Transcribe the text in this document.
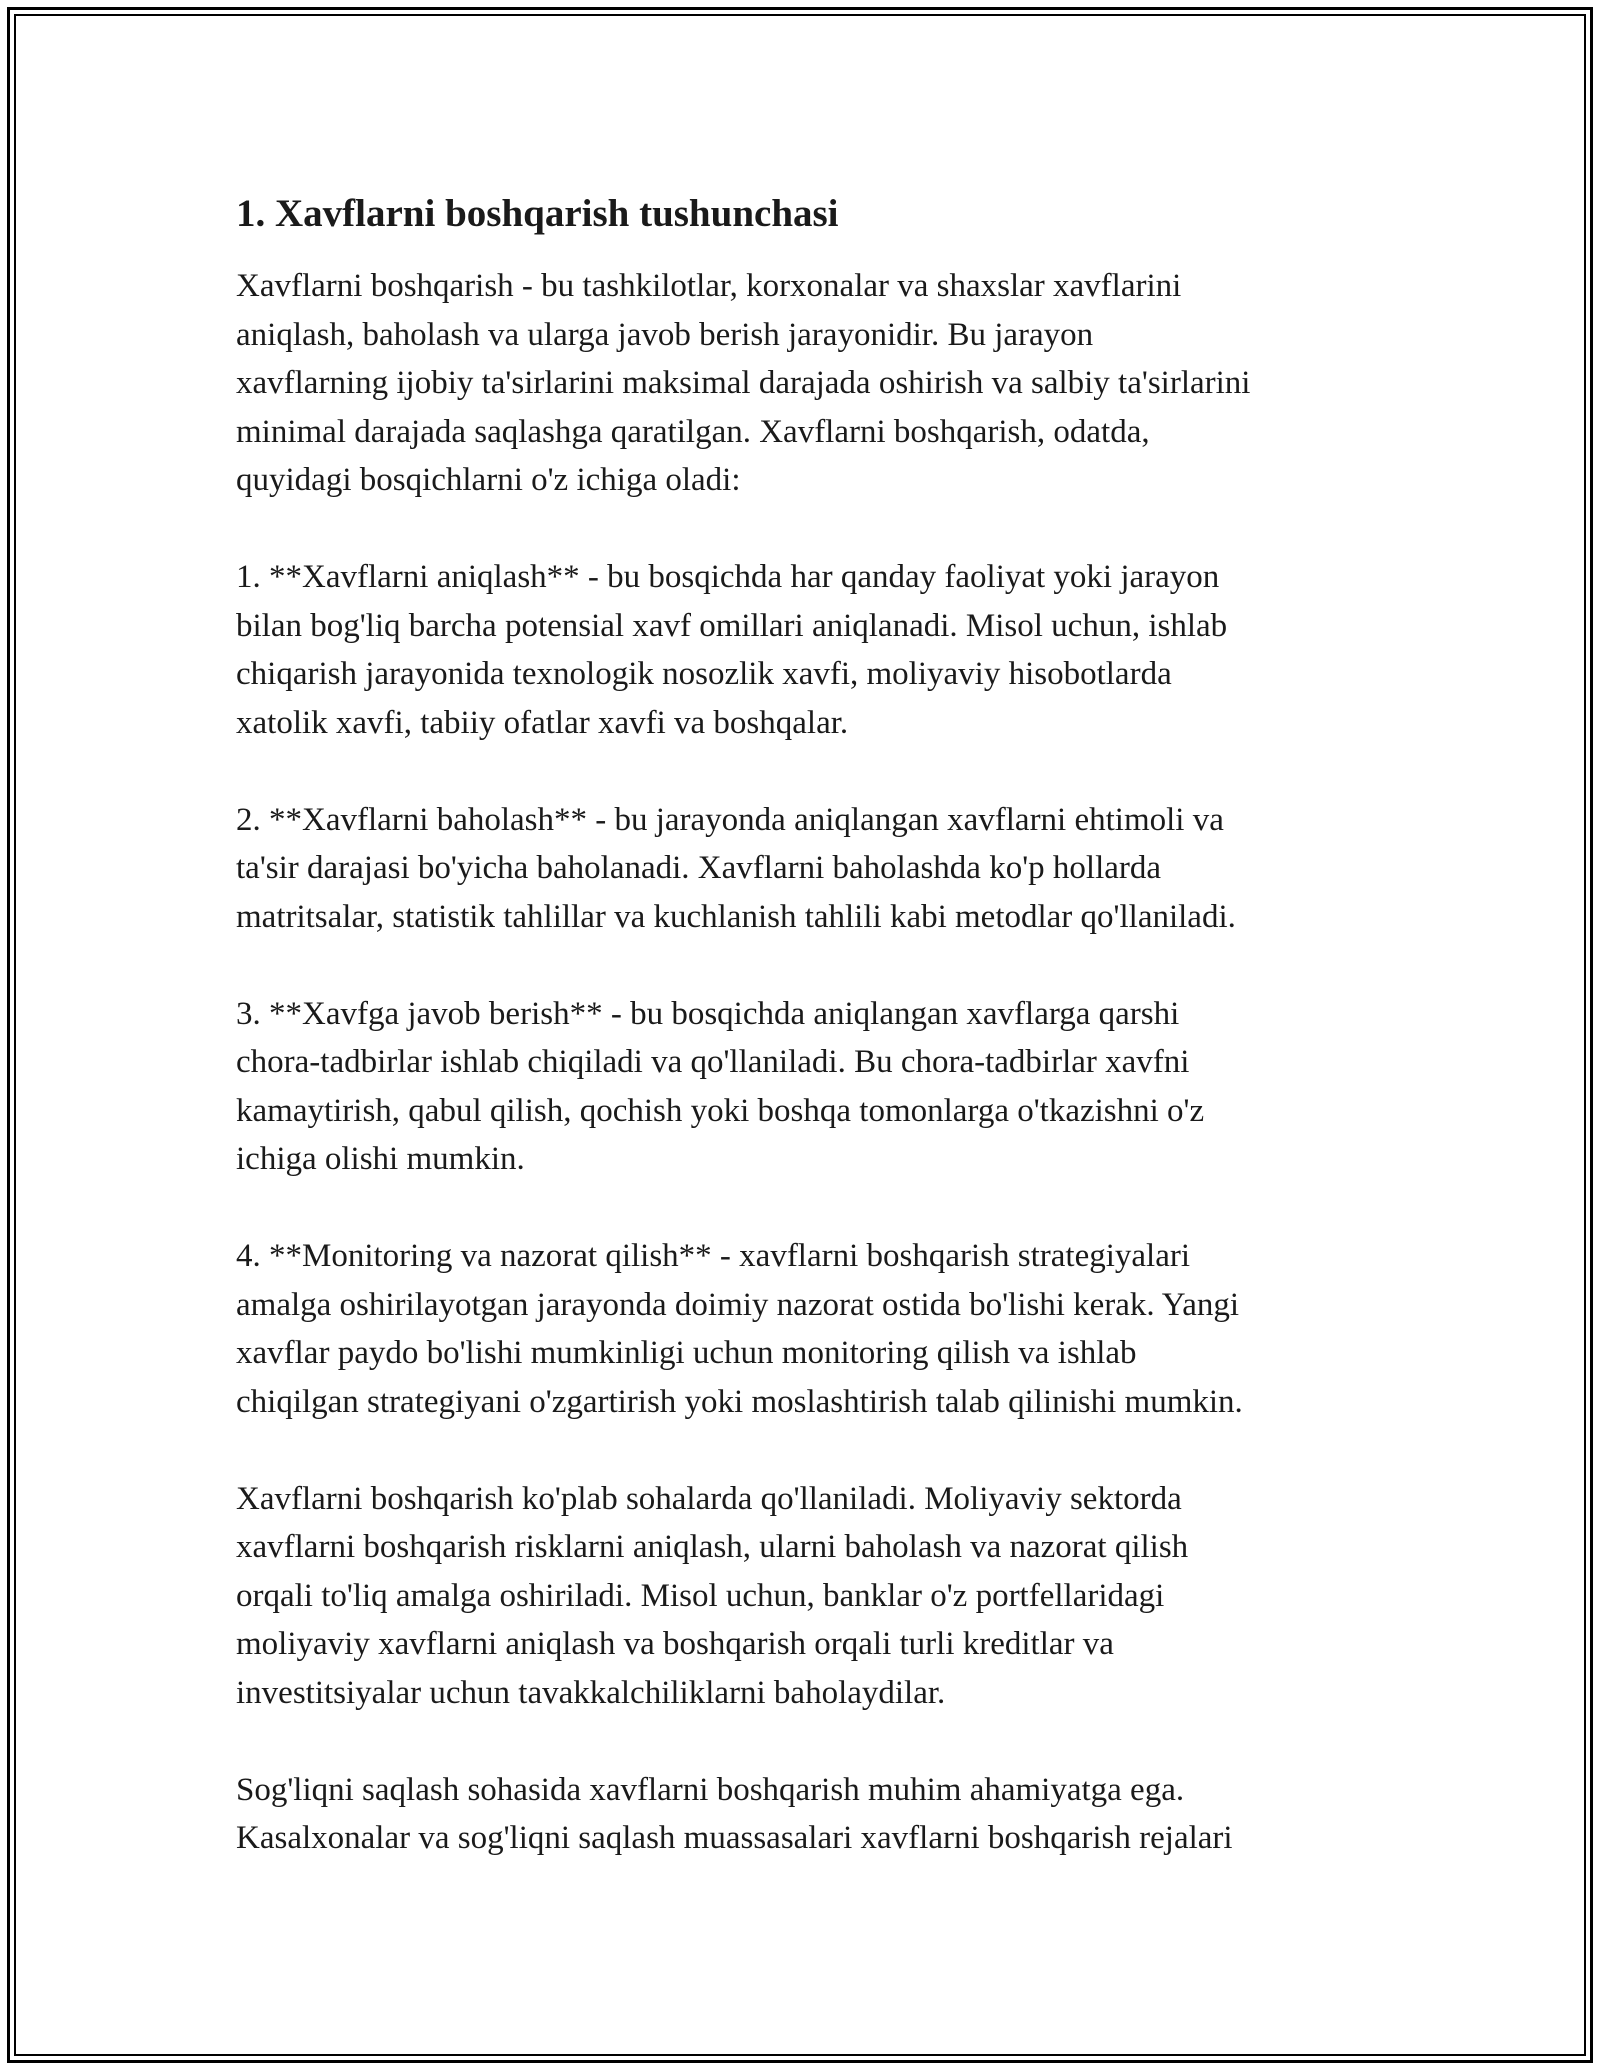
1. Xavflarni boshqarish tushunchasi
Xavflarni boshqarish - bu tashkilotlar, korxonalar va shaxslar xavflarini
aniqlash, baholash va ularga javob berish jarayonidir. Bu jarayon
xavflarning ijobiy ta'sirlarini maksimal darajada oshirish va salbiy ta'sirlarini
minimal darajada saqlashga qaratilgan. Xavflarni boshqarish, odatda,
quyidagi bosqichlarni o'z ichiga oladi:
1. **Xavflarni aniqlash** - bu bosqichda har qanday faoliyat yoki jarayon
bilan bog'liq barcha potensial xavf omillari aniqlanadi. Misol uchun, ishlab
chiqarish jarayonida texnologik nosozlik xavfi, moliyaviy hisobotlarda
xatolik xavfi, tabiiy ofatlar xavfi va boshqalar.
2. **Xavflarni baholash** - bu jarayonda aniqlangan xavflarni ehtimoli va
ta'sir darajasi bo'yicha baholanadi. Xavflarni baholashda ko'p hollarda
matritsalar, statistik tahlillar va kuchlanish tahlili kabi metodlar qo'llaniladi.
3. **Xavfga javob berish** - bu bosqichda aniqlangan xavflarga qarshi
chora-tadbirlar ishlab chiqiladi va qo'llaniladi. Bu chora-tadbirlar xavfni
kamaytirish, qabul qilish, qochish yoki boshqa tomonlarga o'tkazishni o'z
ichiga olishi mumkin.
4. **Monitoring va nazorat qilish** - xavflarni boshqarish strategiyalari
amalga oshirilayotgan jarayonda doimiy nazorat ostida bo'lishi kerak. Yangi
xavflar paydo bo'lishi mumkinligi uchun monitoring qilish va ishlab
chiqilgan strategiyani o'zgartirish yoki moslashtirish talab qilinishi mumkin.
Xavflarni boshqarish ko'plab sohalarda qo'llaniladi. Moliyaviy sektorda
xavflarni boshqarish risklarni aniqlash, ularni baholash va nazorat qilish
orqali to'liq amalga oshiriladi. Misol uchun, banklar o'z portfellaridagi
moliyaviy xavflarni aniqlash va boshqarish orqali turli kreditlar va
investitsiyalar uchun tavakkalchiliklarni baholaydilar.
Sog'liqni saqlash sohasida xavflarni boshqarish muhim ahamiyatga ega.
Kasalxonalar va sog'liqni saqlash muassasalari xavflarni boshqarish rejalari
